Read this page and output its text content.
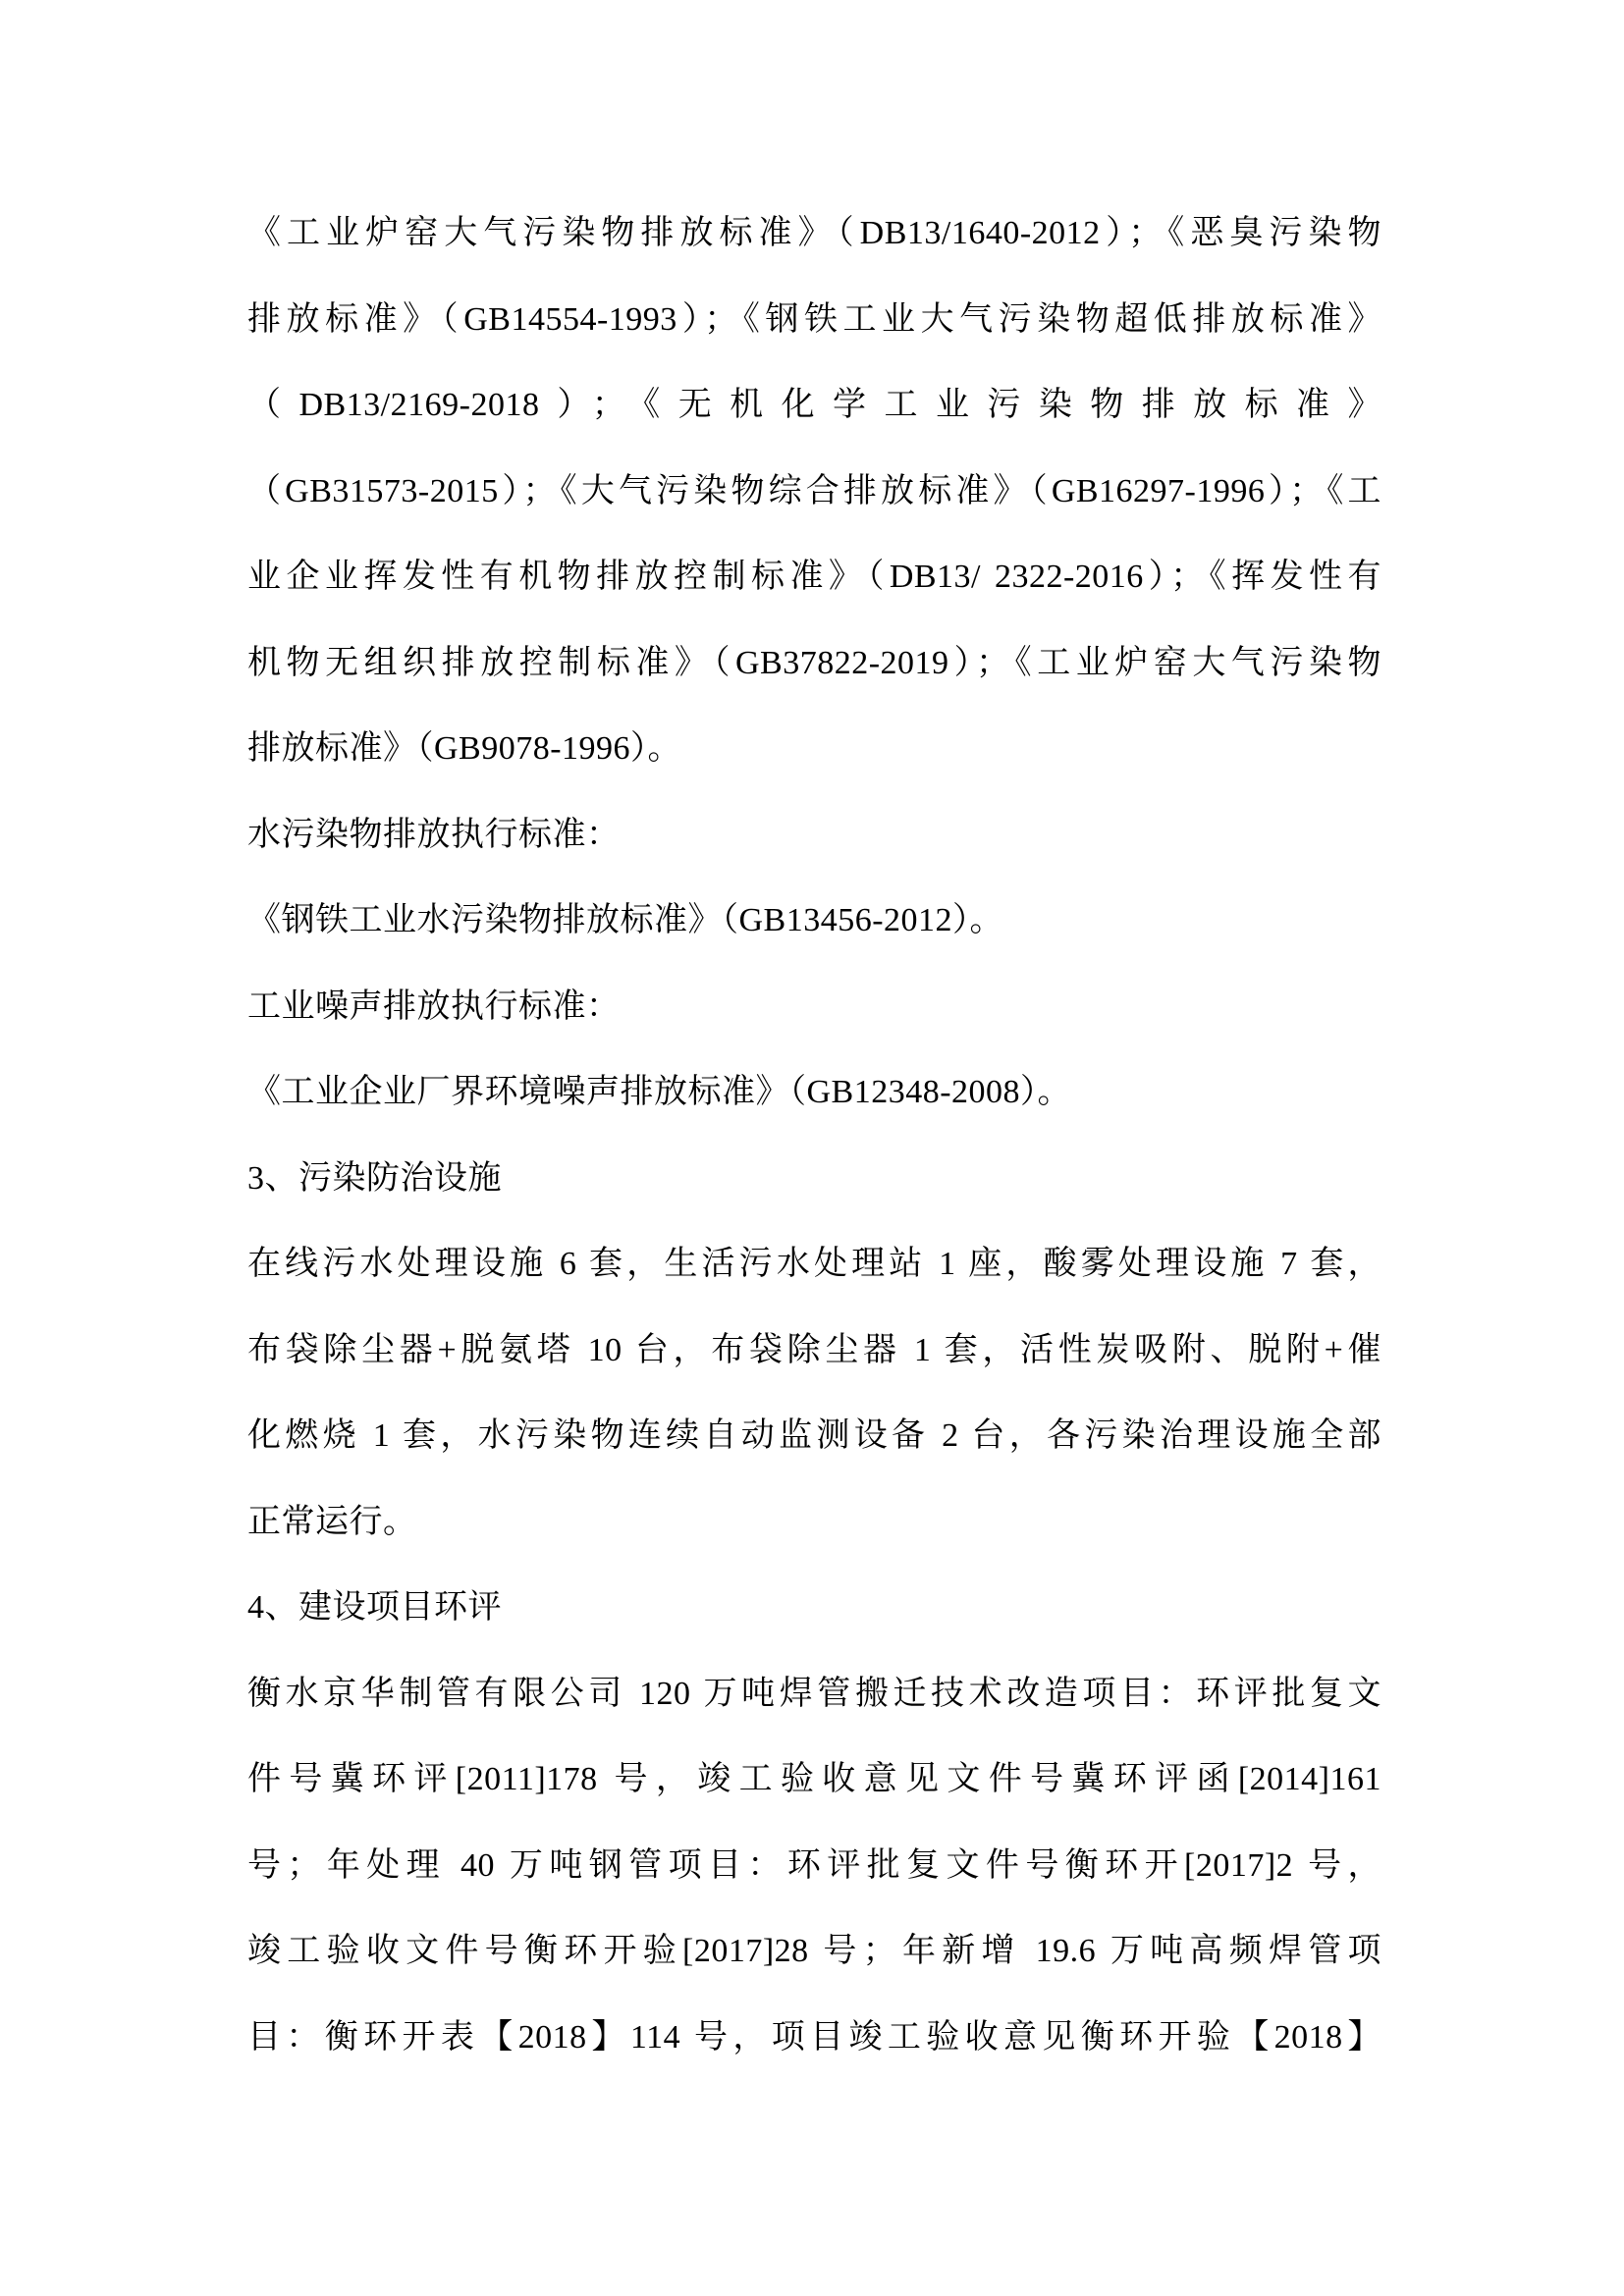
《工业炉窑大气污染物排放标准》（DB13/1640-2012）；《恶臭污染物
排放标准》（GB14554-1993）；《钢铁工业大气污染物超低排放标准》
（DB13/2169-2018）；《无机化学工业污染物排放标准》
（GB31573-2015）；《大气污染物综合排放标准》（GB16297-1996）；《工
业企业挥发性有机物排放控制标准》（DB13/ 2322-2016）；《挥发性有
机物无组织排放控制标准》（GB37822-2019）；《工业炉窑大气污染物
排放标准》（GB9078-1996）。
水污染物排放执行标准：
《钢铁工业水污染物排放标准》（GB13456-2012）。
工业噪声排放执行标准：
《工业企业厂界环境噪声排放标准》（GB12348-2008）。
3、污染防治设施
在线污水处理设施 6 套，生活污水处理站 1 座，酸雾处理设施 7 套，
布袋除尘器+脱氨塔 10 台，布袋除尘器 1 套，活性炭吸附、脱附+催
化燃烧 1 套，水污染物连续自动监测设备 2 台，各污染治理设施全部
正常运行。
4、建设项目环评
衡水京华制管有限公司 120 万吨焊管搬迁技术改造项目：环评批复文
件号冀环评[2011]178 号，竣工验收意见文件号冀环评函[2014]161
号；年处理 40 万吨钢管项目：环评批复文件号衡环开[2017]2 号，
竣工验收文件号衡环开验[2017]28 号；年新增 19.6 万吨高频焊管项
目：衡环开表【2018】114 号，项目竣工验收意见衡环开验【2018】
